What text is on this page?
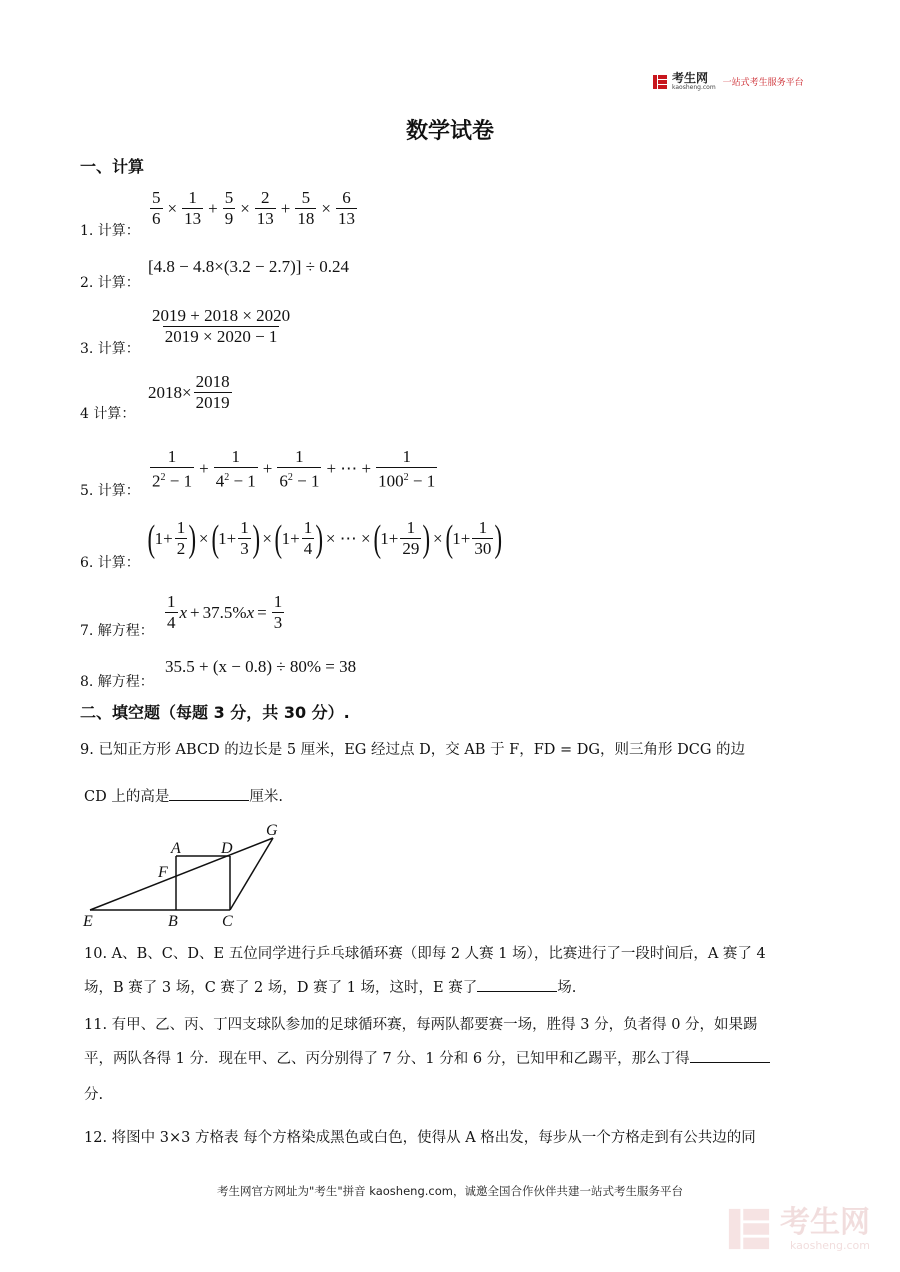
考生网
kaosheng.com 一站式考生服务平台
数学试卷
一、计算
1. 计算：
$\frac{5}{6} \times \frac{1}{13} + \frac{5}{9} \times \frac{2}{13} + \frac{5}{18} \times \frac{6}{13}$
2. 计算：
[4.8 − 4.8×(3.2 − 2.7)] ÷ 0.24
3. 计算：
$\frac{2019 + 2018 \times 2020}{2019 \times 2020 - 1}$
4 计算：
$2018\times \frac{2018}{2019}$
5. 计算： $\frac{1}{2^2 - 1} + \frac{1}{4^2 - 1} + \frac{1}{6^2 - 1}$ + ⋯ + $\frac{1}{100^2 - 1}$
6. 计算：
( $1+ \frac{1}{2}$ ) × ( $1+ \frac{1}{3}$ ) × ( $1+ \frac{1}{4}$ ) × ⋯ × ( $1+ \frac{1}{29}$ ) × ( $1+ \frac{1}{30}$ )
7. 解方程： $\frac{1}{4}$ x + 37.5% $x = \frac{1}{3}$
8. 解方程：
35.5 + (x − 0.8) ÷ 80% = 38
二、填空题（每题 3 分，共 30 分）.
9. 已知正方形 ABCD 的边长是 5 厘米，EG 经过点 D，交 AB 于 F，FD = DG，则三角形 DCG 的边
CD 上的高是	厘米.
A	D
G
F
E	B	C
10. A、B、C、D、E 五位同学进行乒乓球循环赛（即每 2 人赛 1 场），比赛进行了一段时间后，A 赛了 4
场，B 赛了 3 场，C 赛了 2 场，D 赛了 1 场，这时，E 赛了	场.
11. 有甲、乙、丙、丁四支球队参加的足球循环赛，每两队都要赛一场，胜得 3 分，负者得 0 分，如果踢
平，两队各得 1 分．现在甲、乙、丙分别得了 7 分、1 分和 6 分，已知甲和乙踢平，那么丁得
分.
12. 将图中 3×3 方格表 每个方格染成黑色或白色，使得从 A 格出发，每步从一个方格走到有公共边的同
考生网官方网址为"考生"拼音 kaosheng.com，诚邀全国合作伙伴共建一站式考生服务平台
考生网
kaosheng.com
